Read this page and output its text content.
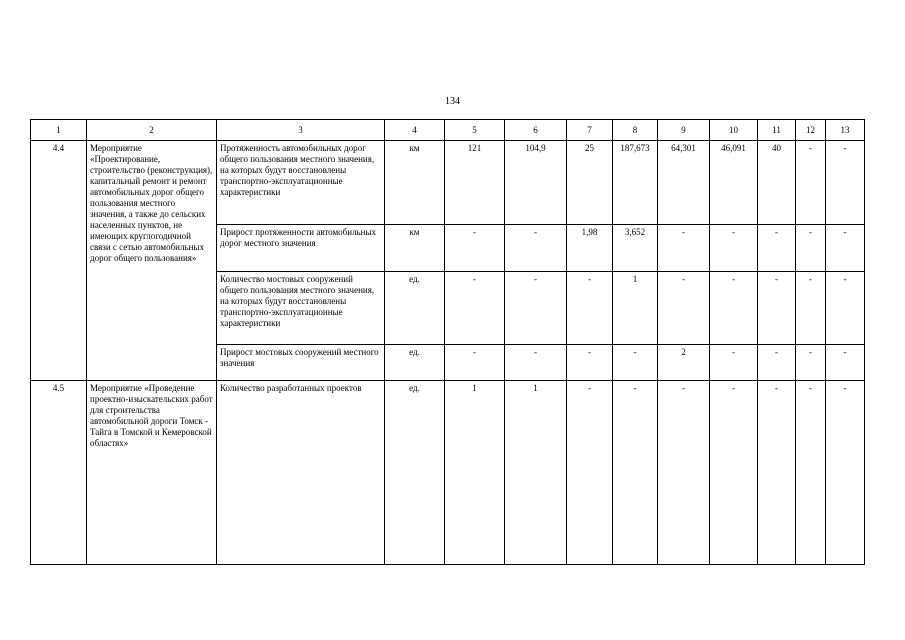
134
1	2	3	4	5	6	7	8	9	10	11	12	13
4.4	Мероприятие «Проектирование, строительство (реконструкция), капитальный ремонт и ремонт автомобильных дорог общего пользования местного значения, а также до сельских населенных пунктов, не имеющих круглогодичной связи с сетью автомобильных дорог общего пользования»	Протяженность автомобильных дорог общего пользования местного значения, на которых будут восстановлены транспортно-эксплуатационные характеристики	км	121	104,9	25	187,673	64,301	46,091	40	-	-
		Прирост протяженности автомобильных дорог местного значения	км	-	-	1,98	3,652	-	-	-	-	-
		Количество мостовых сооружений общего пользования местного значения, на которых будут восстановлены транспортно-эксплуатационные характеристики	ед.	-	-	-	1	-	-	-	-	-
		Прирост мостовых сооружений местного значения	ед.	-	-	-	-	2	-	-	-	-
4.5	Мероприятие «Проведение проектно-изыскательских работ для строительства автомобильной дороги Томск - Тайга в Томской и Кемеровской областях»	Количество разработанных проектов	ед.	1	1	-	-	-	-	-	-	-
